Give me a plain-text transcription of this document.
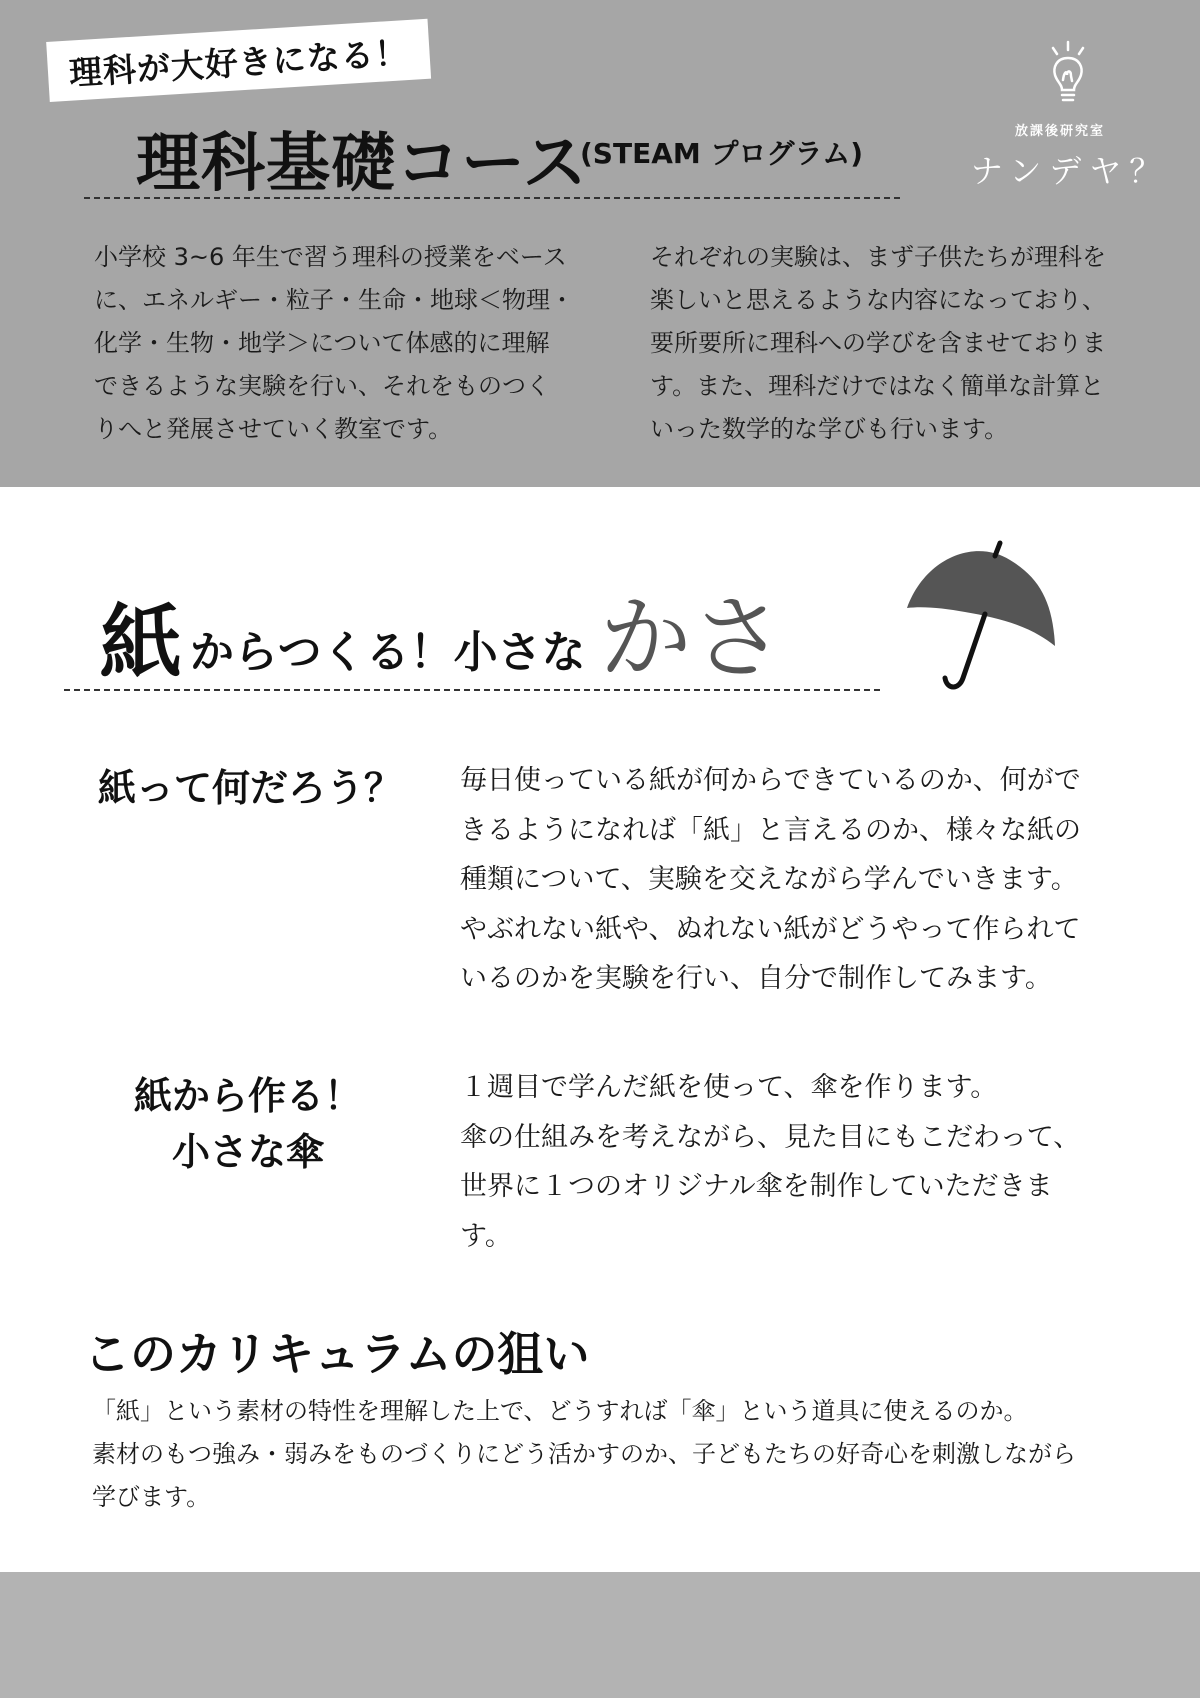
理科が大好きになる！
理科基礎コース
(STEAM プログラム)
放課後研究室
ナンデヤ？
小学校 3~6 年生で習う理科の授業をベース
に、エネルギー・粒子・生命・地球＜物理・
化学・生物・地学＞について体感的に理解
できるような実験を行い、それをものつく
りへと発展させていく教室です。
それぞれの実験は、まず子供たちが理科を
楽しいと思えるような内容になっており、
要所要所に理科への学びを含ませておりま
す。また、理科だけではなく簡単な計算と
いった数学的な学びも行います。
紙 からつくる！小さな かさ
紙って何だろう？ 毎日使っている紙が何からできているのか、何がで
きるようになれば「紙」と言えるのか、様々な紙の
種類について、実験を交えながら学んでいきます。
やぶれない紙や、ぬれない紙がどうやって作られて
いるのかを実験を行い、自分で制作してみます。
紙から作る！
小さな傘
１週目で学んだ紙を使って、傘を作ります。
傘の仕組みを考えながら、見た目にもこだわって、
世界に１つのオリジナル傘を制作していただきま
す。
このカリキュラムの狙い
「紙」という素材の特性を理解した上で、どうすれば「傘」という道具に使えるのか。
素材のもつ強み・弱みをものづくりにどう活かすのか、子どもたちの好奇心を刺激しながら
学びます。
